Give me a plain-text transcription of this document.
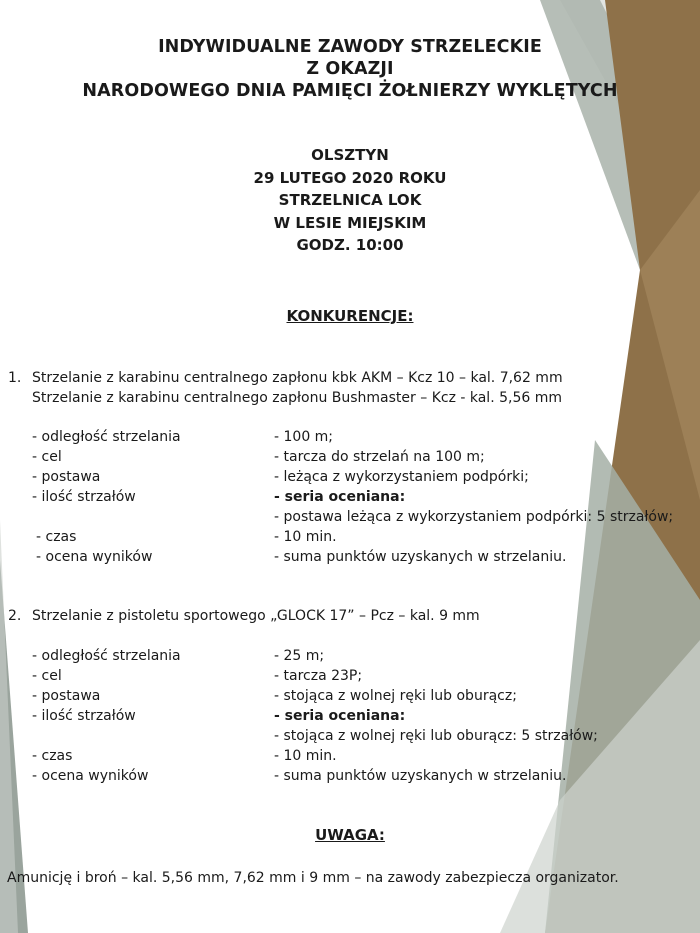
INDYWIDUALNE ZAWODY STRZELECKIE
Z OKAZJI
NARODOWEGO DNIA PAMIĘCI ŻOŁNIERZY WYKLĘTYCH
OLSZTYN
29 LUTEGO 2020 ROKU
STRZELNICA LOK
W LESIE MIEJSKIM
GODZ. 10:00
KONKURENCJE:
1. Strzelanie z karabinu centralnego zapłonu kbk AKM – Kcz 10 – kal. 7,62 mm
Strzelanie z karabinu centralnego zapłonu Bushmaster – Kcz - kal. 5,56 mm
- odległość strzelania	- 100 m;
- cel	- tarcza do strzelań na 100 m;
- postawa	- leżąca z wykorzystaniem podpórki;
- ilość strzałów	- seria oceniana:
- postawa leżąca z wykorzystaniem podpórki: 5 strzałów;
- czas	- 10 min.
- ocena wyników	- suma punktów uzyskanych w strzelaniu.
2. Strzelanie z pistoletu sportowego „GLOCK 17” – Pcz – kal. 9 mm
- odległość strzelania	- 25 m;
- cel	- tarcza 23P;
- postawa	- stojąca z wolnej ręki lub oburącz;
- ilość strzałów	- seria oceniana:
- stojąca z wolnej ręki lub oburącz: 5 strzałów;
- czas	- 10 min.
- ocena wyników	- suma punktów uzyskanych w strzelaniu.
UWAGA:
Amunicję i broń – kal. 5,56 mm, 7,62 mm i 9 mm – na zawody zabezpiecza organizator.
